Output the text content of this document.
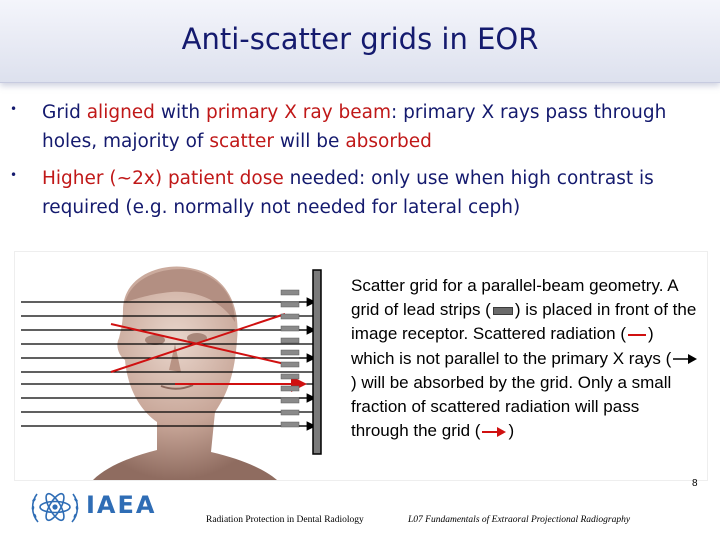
Anti-scatter grids in EOR
• Grid aligned with primary X ray beam: primary X rays pass through holes, majority of scatter will be absorbed
• Higher (~2x) patient dose needed: only use when high contrast is required (e.g. normally not needed for lateral ceph)
Scatter grid for a parallel-beam geometry. A grid of lead strips ( ) is placed in front of the image receptor. Scattered radiation ( ) which is not parallel to the primary X rays () will be absorbed by the grid. Only a small fraction of scattered radiation will pass through the grid ( )
IAEA
Radiation Protection in Dental Radiology	L07 Fundamentals of Extraoral Projectional Radiography
8
